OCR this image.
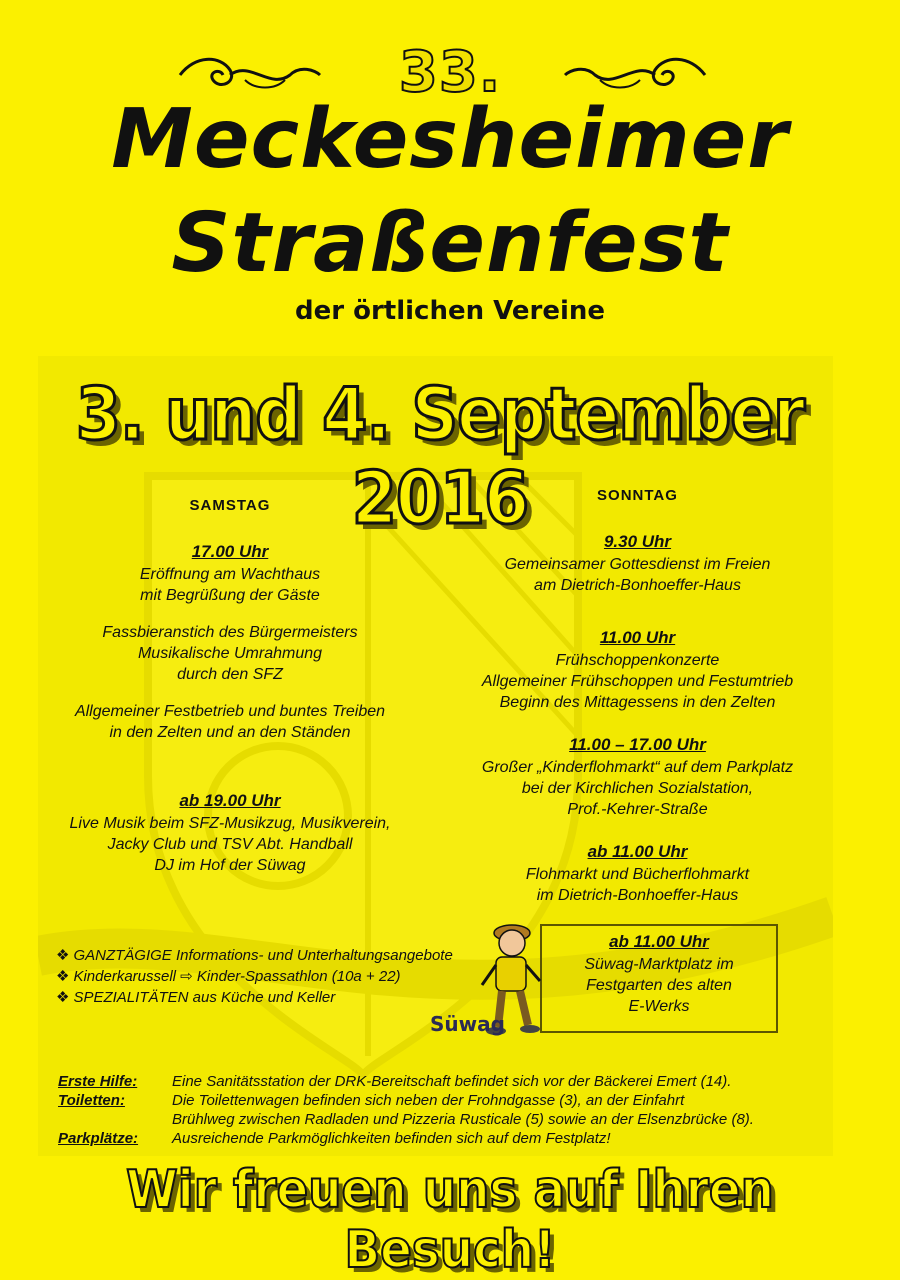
33.
Meckesheimer
Straßenfest
der örtlichen Vereine
3. und 4. September 2016
SAMSTAG
17.00 Uhr
Eröffnung am Wachthaus
mit Begrüßung der Gäste
Fassbieranstich des Bürgermeisters
Musikalische Umrahmung
durch den SFZ
Allgemeiner Festbetrieb und buntes Treiben
in den Zelten und an den Ständen
ab 19.00 Uhr
Live Musik beim SFZ-Musikzug, Musikverein,
Jacky Club und TSV Abt. Handball
DJ im Hof der Süwag
SONNTAG
9.30 Uhr
Gemeinsamer Gottesdienst im Freien
am Dietrich-Bonhoeffer-Haus
11.00 Uhr
Frühschoppenkonzerte
Allgemeiner Frühschoppen und Festumtrieb
Beginn des Mittagessens in den Zelten
11.00 – 17.00 Uhr
Großer „Kinderflohmarkt“ auf dem Parkplatz
bei der Kirchlichen Sozialstation,
Prof.-Kehrer-Straße
ab 11.00 Uhr
Flohmarkt und Bücherflohmarkt
im Dietrich-Bonhoeffer-Haus
ab 11.00 Uhr
Süwag-Marktplatz im
Festgarten des alten
E-Werks
❖ GANZTÄGIGE Informations- und Unterhaltungsangebote
❖ Kinderkarussell ⇨ Kinder-Spassathlon (10a + 22)
❖ SPEZIALITÄTEN aus Küche und Keller
Süwag
Erste Hilfe: Eine Sanitätsstation der DRK-Bereitschaft befindet sich vor der Bäckerei Emert (14).
Toiletten:	Die Toilettenwagen befinden sich neben der Frohndgasse (3), an der Einfahrt
Brühlweg zwischen Radladen und Pizzeria Rusticale (5) sowie an der Elsenzbrücke (8).
Parkplätze: Ausreichende Parkmöglichkeiten befinden sich auf dem Festplatz!
Wir freuen uns auf Ihren Besuch!
